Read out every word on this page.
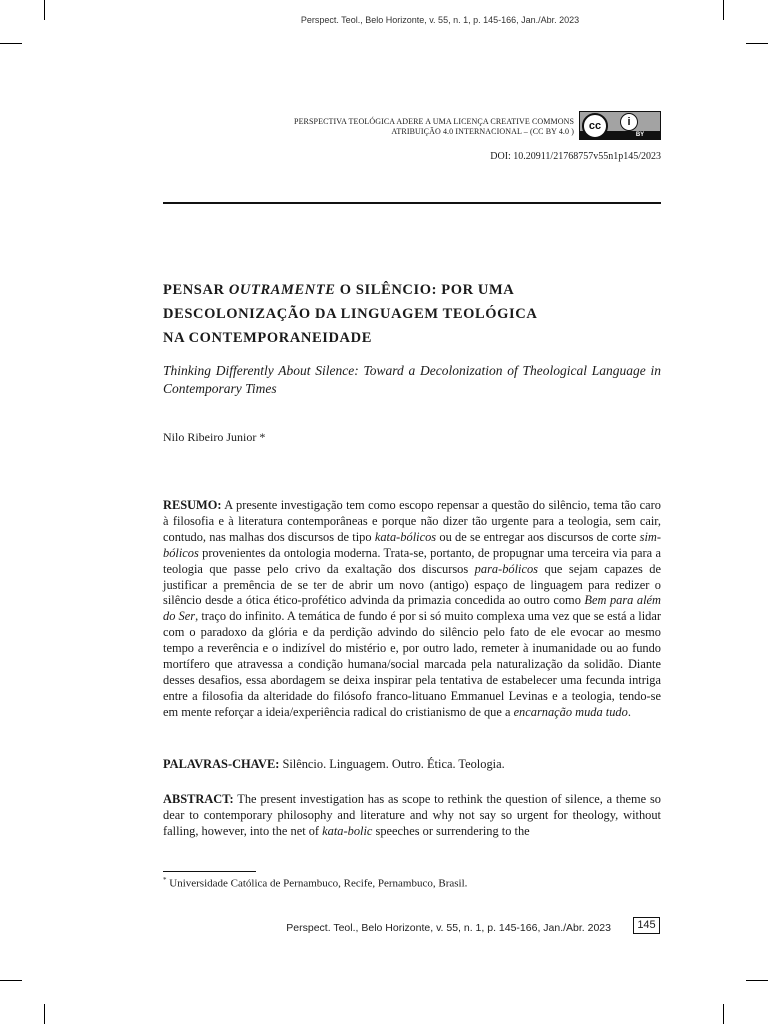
Perspect. Teol., Belo Horizonte, v. 55, n. 1, p. 145-166, Jan./Abr. 2023
PERSPECTIVA TEOLÓGICA ADERE A UMA LICENÇA CREATIVE COMMONS
ATRIBUIÇÃO 4.0 INTERNACIONAL – (CC BY 4.0 )	cc	i
BY
DOI: 10.20911/21768757v55n1p145/2023
PENSAR OUTRAMENTE O SILÊNCIO: POR UMA
DESCOLONIZAÇÃO DA LINGUAGEM TEOLÓGICA
NA CONTEMPORANEIDADE
Thinking Differently About Silence: Toward a Decolonization of Theological Language in Contemporary Times
Nilo Ribeiro Junior *
RESUMO: A presente investigação tem como escopo repensar a questão do silêncio, tema tão caro à filosofia e à literatura contemporâneas e porque não dizer tão urgente para a teologia, sem cair, contudo, nas malhas dos discursos de tipo kata-bólicos ou de se entregar aos discursos de corte sim-bólicos provenientes da ontologia moderna. Trata-se, portanto, de propugnar uma terceira via para a teologia que passe pelo crivo da exaltação dos discursos para-bólicos que sejam capazes de justificar a premência de se ter de abrir um novo (antigo) espaço de linguagem para redizer o silêncio desde a ótica ético-profético advinda da primazia concedida ao outro como Bem para além do Ser, traço do infinito. A temática de fundo é por si só muito complexa uma vez que se está a lidar com o paradoxo da glória e da perdição advindo do silêncio pelo fato de ele evocar ao mesmo tempo a reverência e o indizível do mistério e, por outro lado, remeter à inumanidade ou ao fundo mortífero que atravessa a condição humana/social marcada pela naturalização da solidão. Diante desses desafios, essa abordagem se deixa inspirar pela tentativa de estabelecer uma fecunda intriga entre a filosofia da alteridade do filósofo franco-lituano Emmanuel Levinas e a teologia, tendo-se em mente reforçar a ideia/experiência radical do cristianismo de que a encarnação muda tudo.
PALAVRAS-CHAVE: Silêncio. Linguagem. Outro. Ética. Teologia.
ABSTRACT: The present investigation has as scope to rethink the question of silence, a theme so dear to contemporary philosophy and literature and why not say so urgent for theology, without falling, however, into the net of kata-bolic speeches or surrendering to the
* Universidade Católica de Pernambuco, Recife, Pernambuco, Brasil.
Perspect. Teol., Belo Horizonte, v. 55, n. 1, p. 145-166, Jan./Abr. 2023	145
